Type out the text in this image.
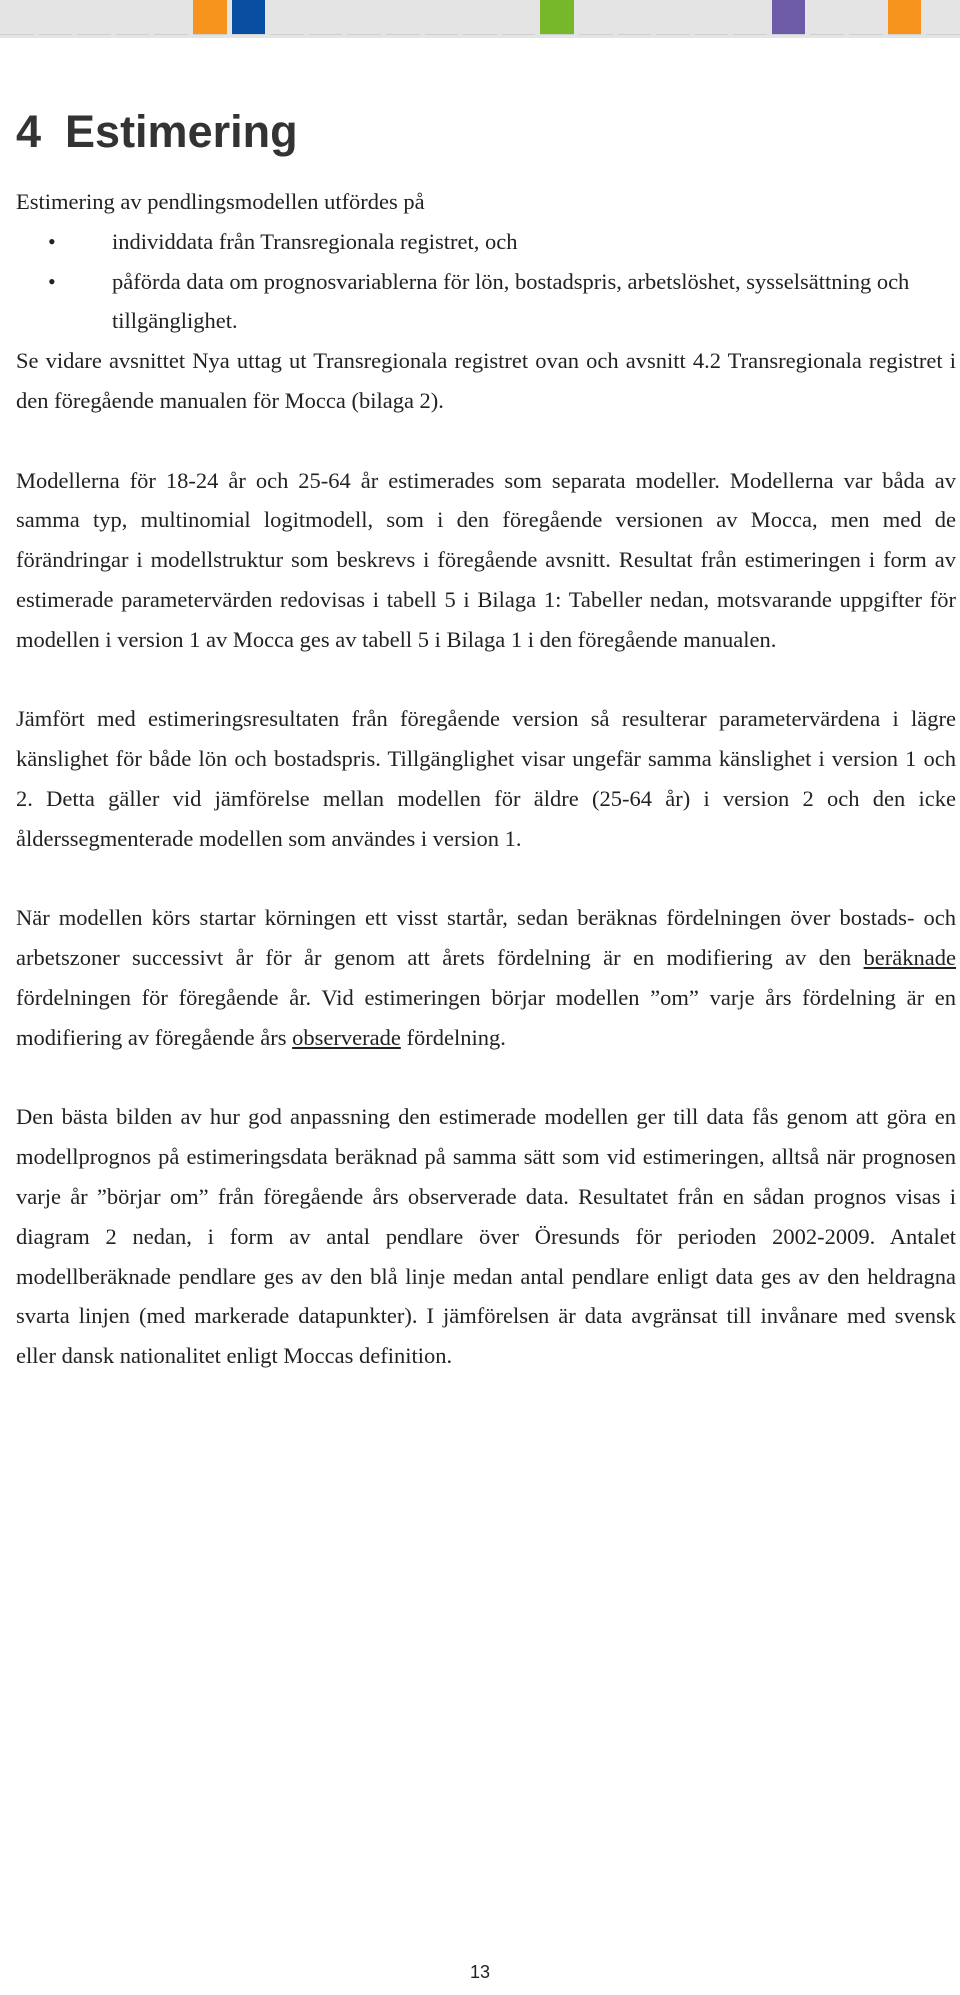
4 Estimering

Estimering av pendlingsmodellen utfördes på

• individdata från Transregionala registret, och
• påförda data om prognosvariablerna för lön, bostadspris, arbetslöshet, sysselsättning och tillgänglighet.

Se vidare avsnittet Nya uttag ut Transregionala registret ovan och avsnitt 4.2 Transregionala registret i den föregående manualen för Mocca (bilaga 2).

Modellerna för 18-24 år och 25-64 år estimerades som separata modeller. Modellerna var båda av samma typ, multinomial logitmodell, som i den föregående versionen av Mocca, men med de förändringar i modellstruktur som beskrevs i föregående avsnitt. Resultat från estimeringen i form av estimerade parametervärden redovisas i tabell 5 i Bilaga 1: Tabeller nedan, motsvarande uppgifter för modellen i version 1 av Mocca ges av tabell 5 i Bilaga 1 i den föregående manualen.

Jämfört med estimeringsresultaten från föregående version så resulterar parametervärdena i lägre känslighet för både lön och bostadspris. Tillgänglighet visar ungefär samma känslighet i version 1 och 2. Detta gäller vid jämförelse mellan modellen för äldre (25-64 år) i version 2 och den icke ålderssegmenterade modellen som användes i version 1.

När modellen körs startar körningen ett visst startår, sedan beräknas fördelningen över bostads- och arbetszoner successivt år för år genom att årets fördelning är en modifiering av den beräknade fördelningen för föregående år. Vid estimeringen börjar modellen ”om” varje års fördelning är en modifiering av föregående års observerade fördelning.

Den bästa bilden av hur god anpassning den estimerade modellen ger till data fås genom att göra en modellprognos på estimeringsdata beräknad på samma sätt som vid estimeringen, alltså när prognosen varje år ”börjar om” från föregående års observerade data. Resultatet från en sådan prognos visas i diagram 2 nedan, i form av antal pendlare över Öresunds för perioden 2002-2009. Antalet modellberäknade pendlare ges av den blå linje medan antal pendlare enligt data ges av den heldragna svarta linjen (med markerade datapunkter). I jämförelsen är data avgränsat till invånare med svensk eller dansk nationalitet enligt Moccas definition.

13
